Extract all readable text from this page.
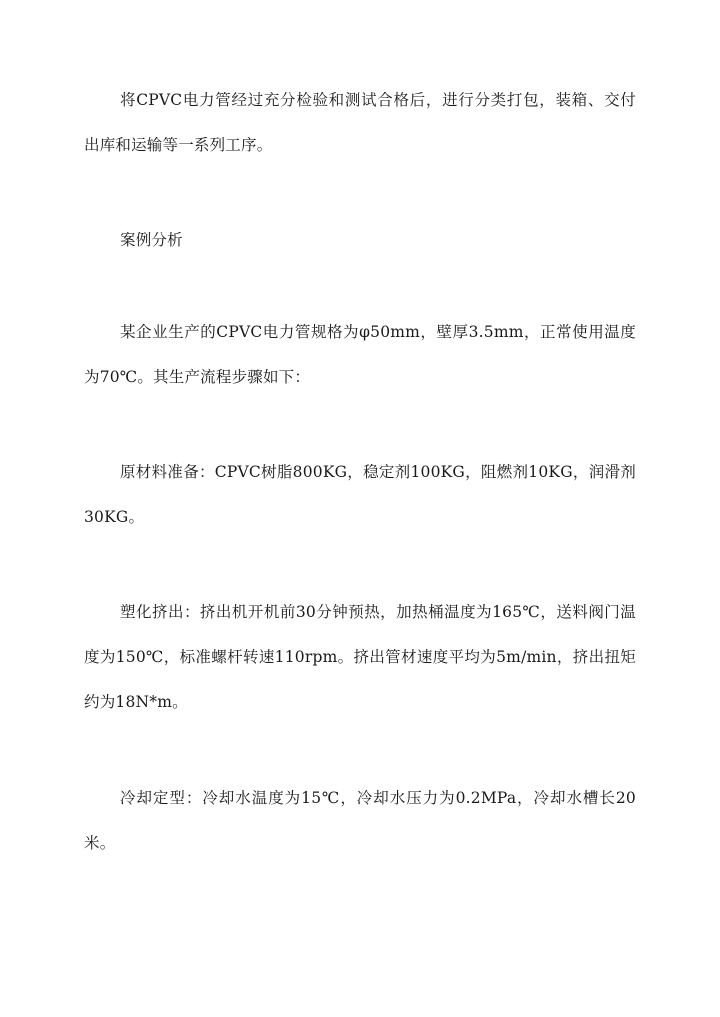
将CPVC电力管经过充分检验和测试合格后，进行分类打包，装箱、交付出库和运输等一系列工序。

案例分析

某企业生产的CPVC电力管规格为φ50mm，壁厚3.5mm，正常使用温度为70℃。其生产流程步骤如下：

原材料准备：CPVC树脂800KG，稳定剂100KG，阻燃剂10KG，润滑剂30KG。

塑化挤出：挤出机开机前30分钟预热，加热桶温度为165℃，送料阀门温度为150℃，标准螺杆转速110rpm。挤出管材速度平均为5m/min，挤出扭矩约为18N*m。

冷却定型：冷却水温度为15℃，冷却水压力为0.2MPa，冷却水槽长20米。
